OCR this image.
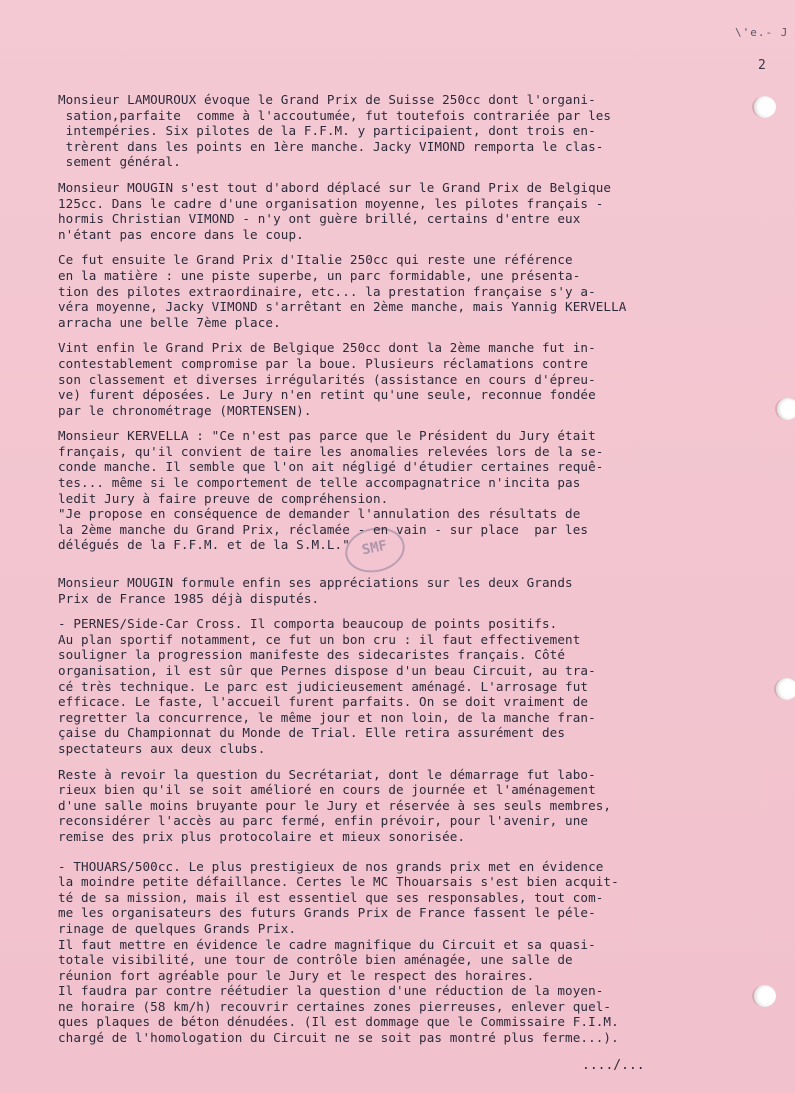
\'e.- J
2
SMF

Monsieur LAMOUROUX évoque le Grand Prix de Suisse 250cc dont l'organi-
sation,parfaite  comme à l'accoutumée, fut toutefois contrariée par les
intempéries. Six pilotes de la F.F.M. y participaient, dont trois en-
trèrent dans les points en 1ère manche. Jacky VIMOND remporta le clas-
sement général.

Monsieur MOUGIN s'est tout d'abord déplacé sur le Grand Prix de Belgique
125cc. Dans le cadre d'une organisation moyenne, les pilotes français -
hormis Christian VIMOND - n'y ont guère brillé, certains d'entre eux
n'étant pas encore dans le coup.

Ce fut ensuite le Grand Prix d'Italie 250cc qui reste une référence
en la matière : une piste superbe, un parc formidable, une présenta-
tion des pilotes extraordinaire, etc... la prestation française s'y a-
véra moyenne, Jacky VIMOND s'arrêtant en 2ème manche, mais Yannig KERVELLA
arracha une belle 7ème place.

Vint enfin le Grand Prix de Belgique 250cc dont la 2ème manche fut in-
contestablement compromise par la boue. Plusieurs réclamations contre
son classement et diverses irrégularités (assistance en cours d'épreu-
ve) furent déposées. Le Jury n'en retint qu'une seule, reconnue fondée
par le chronométrage (MORTENSEN).

Monsieur KERVELLA : "Ce n'est pas parce que le Président du Jury était
français, qu'il convient de taire les anomalies relevées lors de la se-
conde manche. Il semble que l'on ait négligé d'étudier certaines requê-
tes... même si le comportement de telle accompagnatrice n'incita pas
ledit Jury à faire preuve de compréhension.
"Je propose en conséquence de demander l'annulation des résultats de
la 2ème manche du Grand Prix, réclamée - en vain - sur place  par les
délégués de la F.F.M. et de la S.M.L."

Monsieur MOUGIN formule enfin ses appréciations sur les deux Grands
Prix de France 1985 déjà disputés.

- PERNES/Side-Car Cross. Il comporta beaucoup de points positifs.
Au plan sportif notamment, ce fut un bon cru : il faut effectivement
souligner la progression manifeste des sidecaristes français. Côté
organisation, il est sûr que Pernes dispose d'un beau Circuit, au tra-
cé très technique. Le parc est judicieusement aménagé. L'arrosage fut
efficace. Le faste, l'accueil furent parfaits. On se doit vraiment de
regretter la concurrence, le même jour et non loin, de la manche fran-
çaise du Championnat du Monde de Trial. Elle retira assurément des
spectateurs aux deux clubs.

Reste à revoir la question du Secrétariat, dont le démarrage fut labo-
rieux bien qu'il se soit amélioré en cours de journée et l'aménagement
d'une salle moins bruyante pour le Jury et réservée à ses seuls membres,
reconsidérer l'accès au parc fermé, enfin prévoir, pour l'avenir, une
remise des prix plus protocolaire et mieux sonorisée.

- THOUARS/500cc. Le plus prestigieux de nos grands prix met en évidence
la moindre petite défaillance. Certes le MC Thouarsais s'est bien acquit-
té de sa mission, mais il est essentiel que ses responsables, tout com-
me les organisateurs des futurs Grands Prix de France fassent le péle-
rinage de quelques Grands Prix.
Il faut mettre en évidence le cadre magnifique du Circuit et sa quasi-
totale visibilité, une tour de contrôle bien aménagée, une salle de
réunion fort agréable pour le Jury et le respect des horaires.
Il faudra par contre réétudier la question d'une réduction de la moyen-
ne horaire (58 km/h) recouvrir certaines zones pierreuses, enlever quel-
ques plaques de béton dénudées. (Il est dommage que le Commissaire F.I.M.
chargé de l'homologation du Circuit ne se soit pas montré plus ferme...).

..../...
